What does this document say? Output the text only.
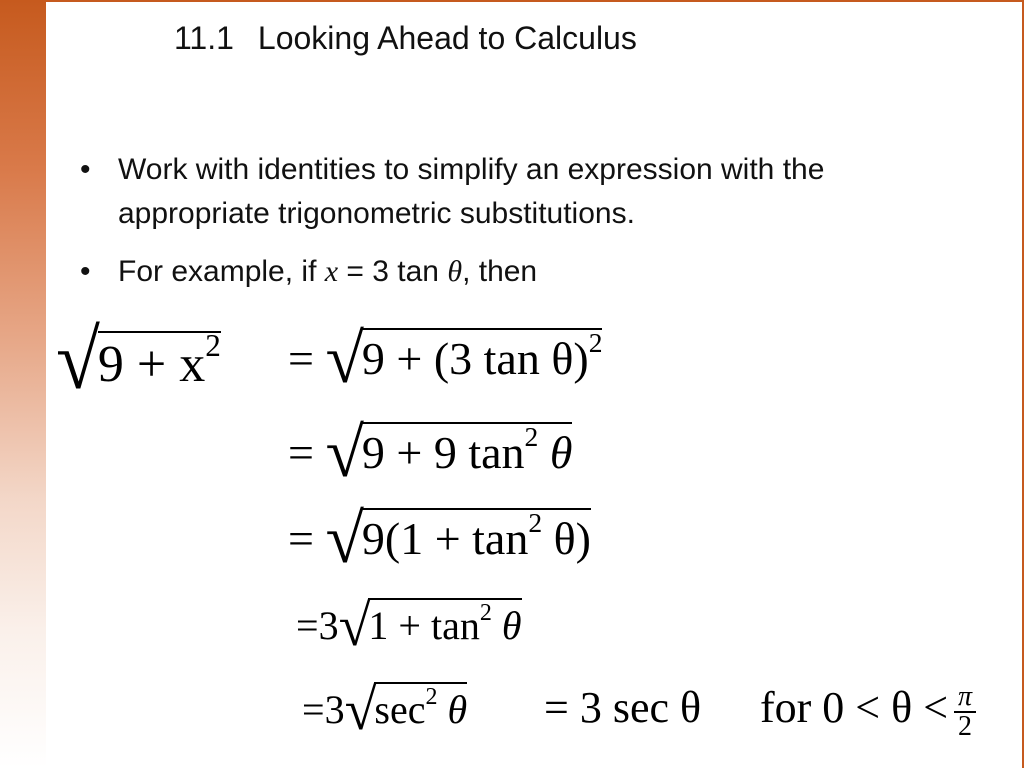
11.1 Looking Ahead to Calculus
• Work with identities to simplify an expression with the appropriate trigonometric substitutions.
• For example, if x = 3 tan θ, then
$√9 + x^2 = √9 + (3$ tan θ)$^2$
= √9 + 9 $\tan^2 \theta$
= $√9(1 + \tan^2 \theta)$
$=3√1 + \tan^2 \theta$
$=3√\sec^2$ θ = 3 sec θ for $0 < \theta < \frac{\pi}{2}$
